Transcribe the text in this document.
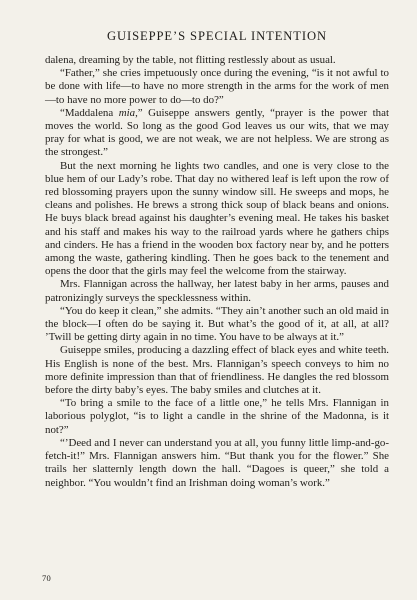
GUISEPPE’S SPECIAL INTENTION

dalena, dreaming by the table, not flitting restlessly about as usual.

“Father,” she cries impetuously once during the evening, “is it not awful to be done with life—to have no more strength in the arms for the work of men—to have no more power to do—to do?”

“Maddalena mia,” Guiseppe answers gently, “prayer is the power that moves the world. So long as the good God leaves us our wits, that we may pray for what is good, we are not weak, we are not helpless. We are strong as the strongest.”

But the next morning he lights two candles, and one is very close to the blue hem of our Lady’s robe. That day no withered leaf is left upon the row of red blossoming prayers upon the sunny window sill. He sweeps and mops, he cleans and polishes. He brews a strong thick soup of black beans and onions. He buys black bread against his daughter’s evening meal. He takes his basket and his staff and makes his way to the railroad yards where he gathers chips and cinders. He has a friend in the wooden box factory near by, and he potters among the waste, gathering kindling. Then he goes back to the tenement and opens the door that the girls may feel the welcome from the stairway.

Mrs. Flannigan across the hallway, her latest baby in her arms, pauses and patronizingly surveys the specklessness within.

“You do keep it clean,” she admits. “They ain’t another such an old maid in the block—I often do be saying it. But what’s the good of it, at all, at all? ’Twill be getting dirty again in no time. You have to be always at it.”

Guiseppe smiles, producing a dazzling effect of black eyes and white teeth. His English is none of the best. Mrs. Flannigan’s speech conveys to him no more definite impression than that of friendliness. He dangles the red blossom before the dirty baby’s eyes. The baby smiles and clutches at it.

“To bring a smile to the face of a little one,” he tells Mrs. Flannigan in laborious polyglot, “is to light a candle in the shrine of the Madonna, is it not?”

“’Deed and I never can understand you at all, you funny little limp-and-go-fetch-it!” Mrs. Flannigan answers him. “But thank you for the flower.” She trails her slatternly length down the hall. “Dagoes is queer,” she told a neighbor. “You wouldn’t find an Irishman doing woman’s work.”

70
